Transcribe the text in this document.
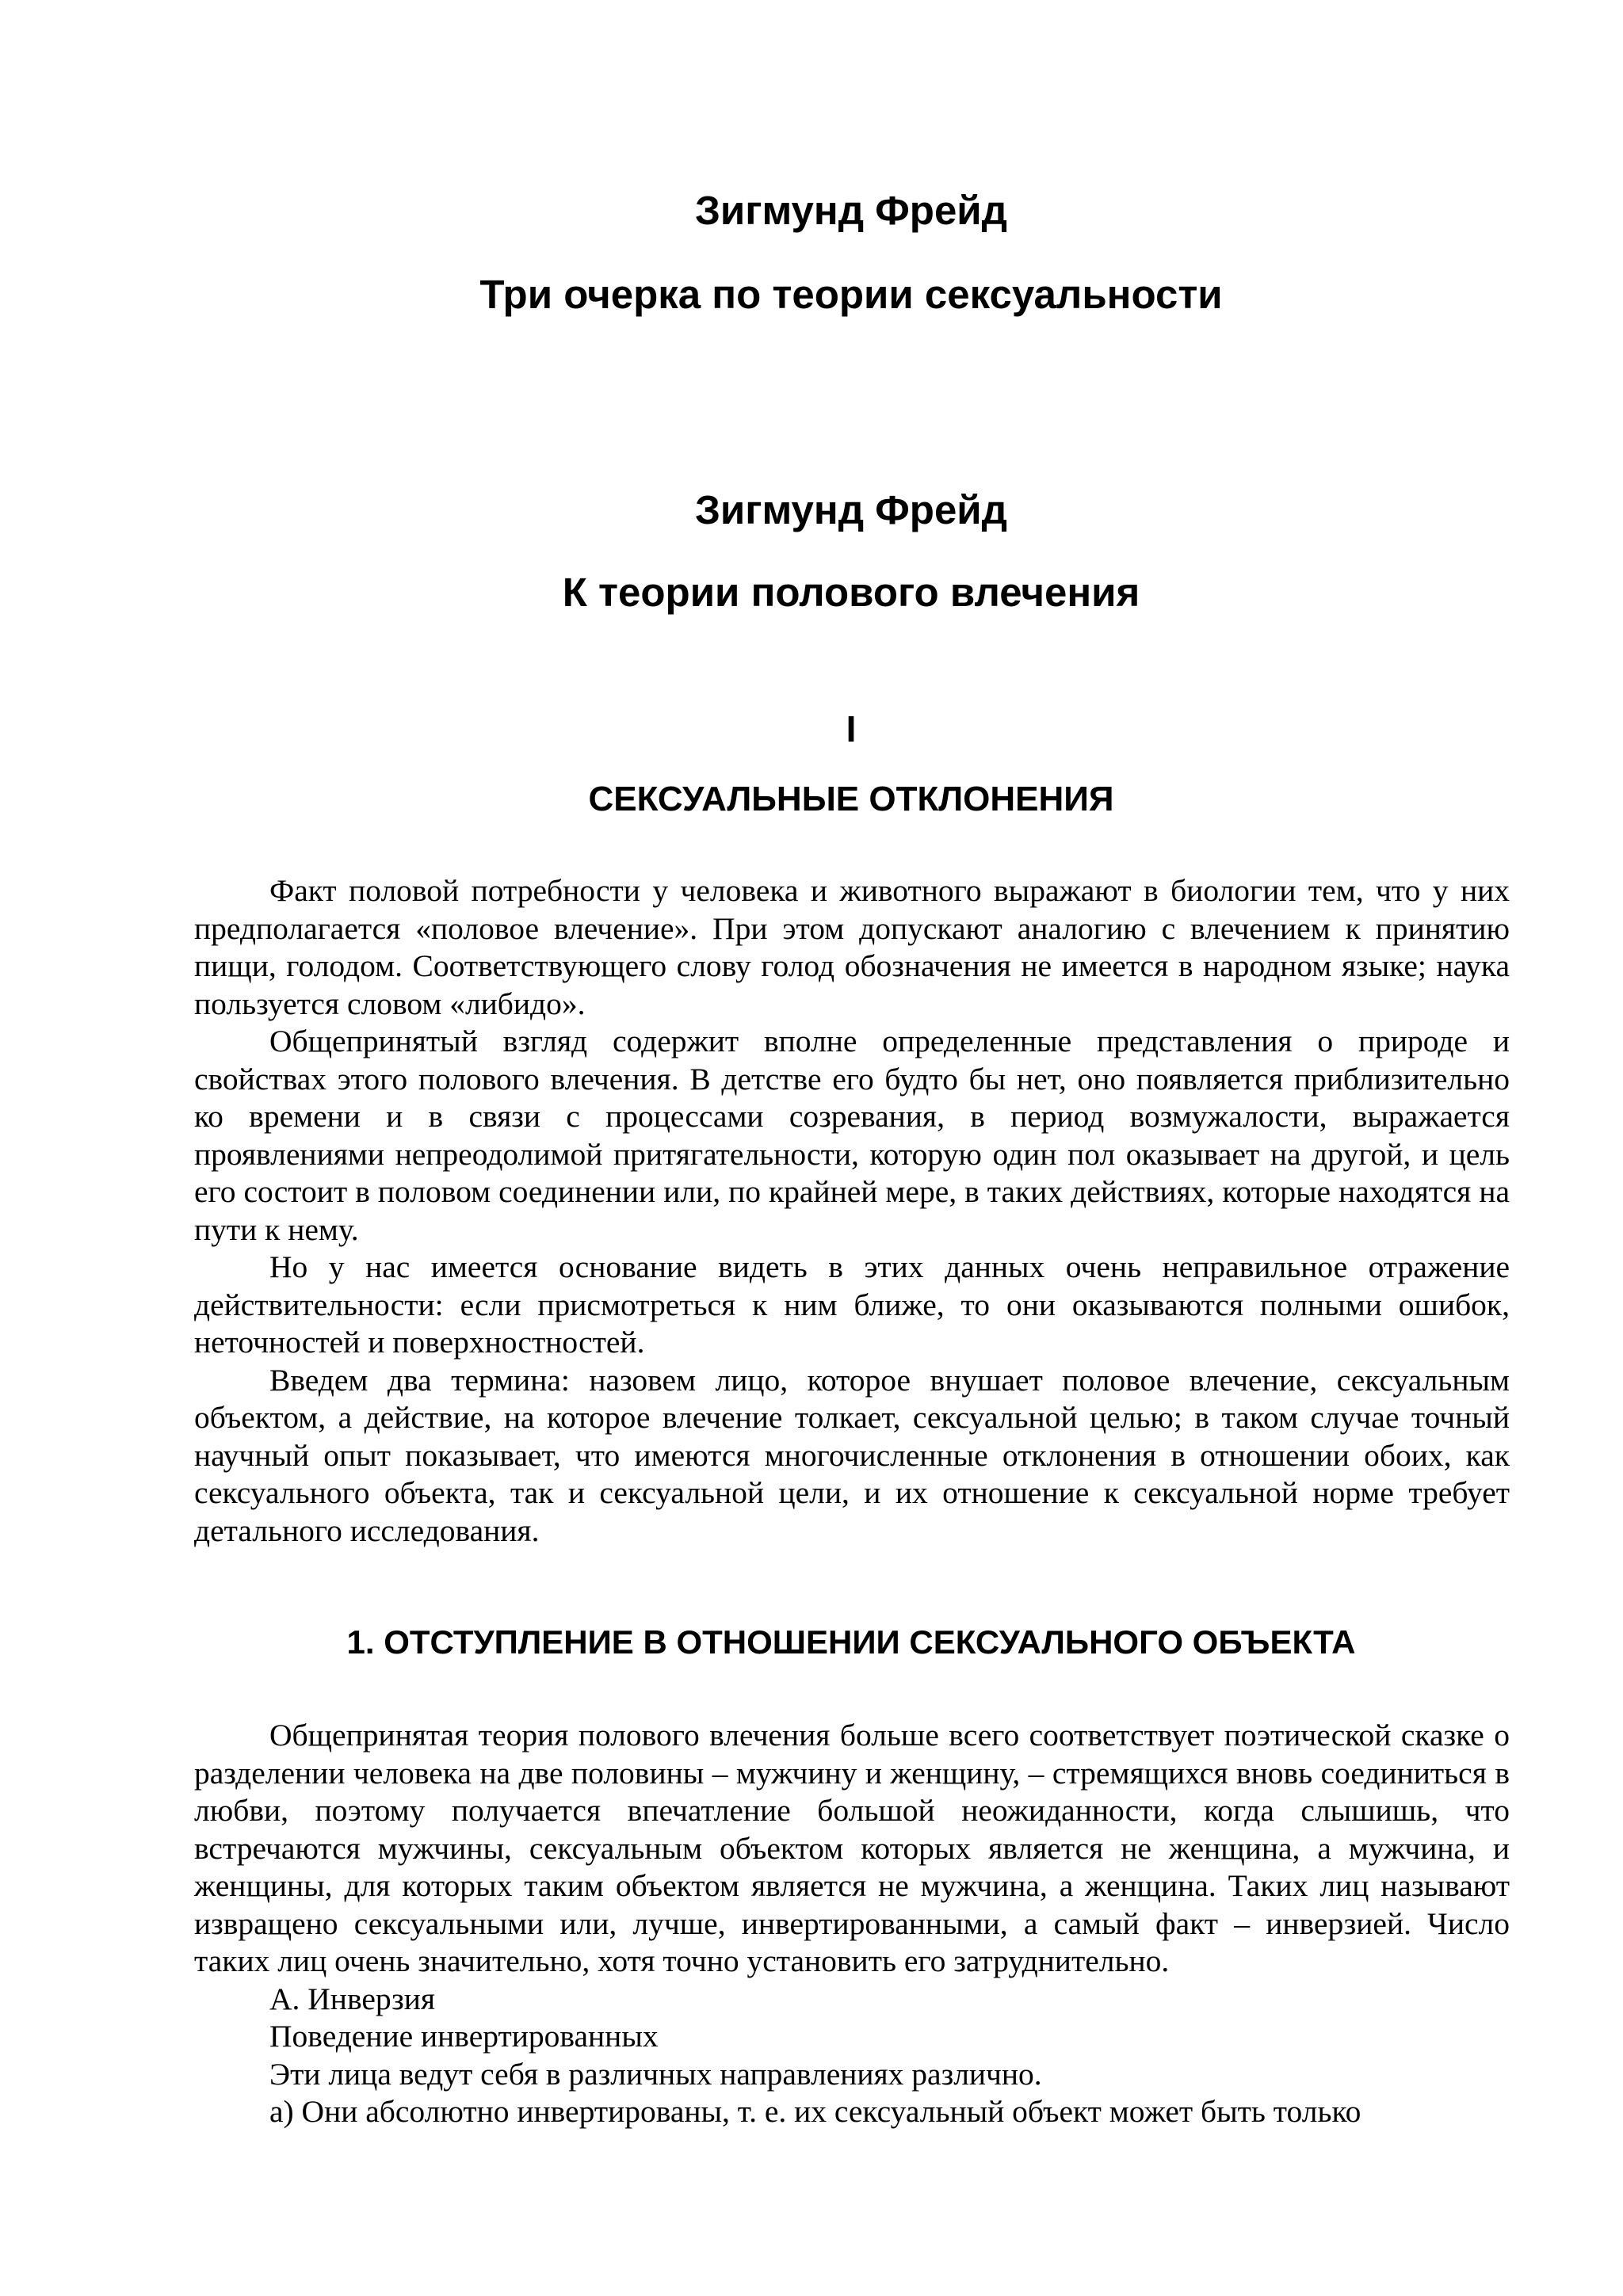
Зигмунд Фрейд
Три очерка по теории сексуальности
Зигмунд Фрейд
К теории полового влечения
I
СЕКСУАЛЬНЫЕ ОТКЛОНЕНИЯ

Факт половой потребности у человека и животного выражают в биологии тем, что у них предполагается «половое влечение». При этом допускают аналогию с влечением к принятию пищи, голодом. Соответствующего слову голод обозначения не имеется в народном языке; наука пользуется словом «либидо».

Общепринятый взгляд содержит вполне определенные представления о природе и свойствах этого полового влечения. В детстве его будто бы нет, оно появляется приблизительно ко времени и в связи с процессами созревания, в период возмужалости, выражается проявлениями непреодолимой притягательности, которую один пол оказывает на другой, и цель его состоит в половом соединении или, по крайней мере, в таких действиях, которые находятся на пути к нему.

Но у нас имеется основание видеть в этих данных очень неправильное отражение действительности: если присмотреться к ним ближе, то они оказываются полными ошибок, неточностей и поверхностностей.

Введем два термина: назовем лицо, которое внушает половое влечение, сексуальным объектом, а действие, на которое влечение толкает, сексуальной целью; в таком случае точный научный опыт показывает, что имеются многочисленные отклонения в отношении обоих, как сексуального объекта, так и сексуальной цели, и их отношение к сексуальной норме требует детального исследования.

1. ОТСТУПЛЕНИЕ В ОТНОШЕНИИ СЕКСУАЛЬНОГО ОБЪЕКТА

Общепринятая теория полового влечения больше всего соответствует поэтической сказке о разделении человека на две половины – мужчину и женщину, – стремящихся вновь соединиться в любви, поэтому получается впечатление большой неожиданности, когда слышишь, что встречаются мужчины, сексуальным объектом которых является не женщина, а мужчина, и женщины, для которых таким объектом является не мужчина, а женщина. Таких лиц называют извращено сексуальными или, лучше, инвертированными, а самый факт – инверзией. Число таких лиц очень значительно, хотя точно установить его затруднительно.

А. Инверзия

Поведение инвертированных

Эти лица ведут себя в различных направлениях различно.

а) Они абсолютно инвертированы, т. е. их сексуальный объект может быть только
